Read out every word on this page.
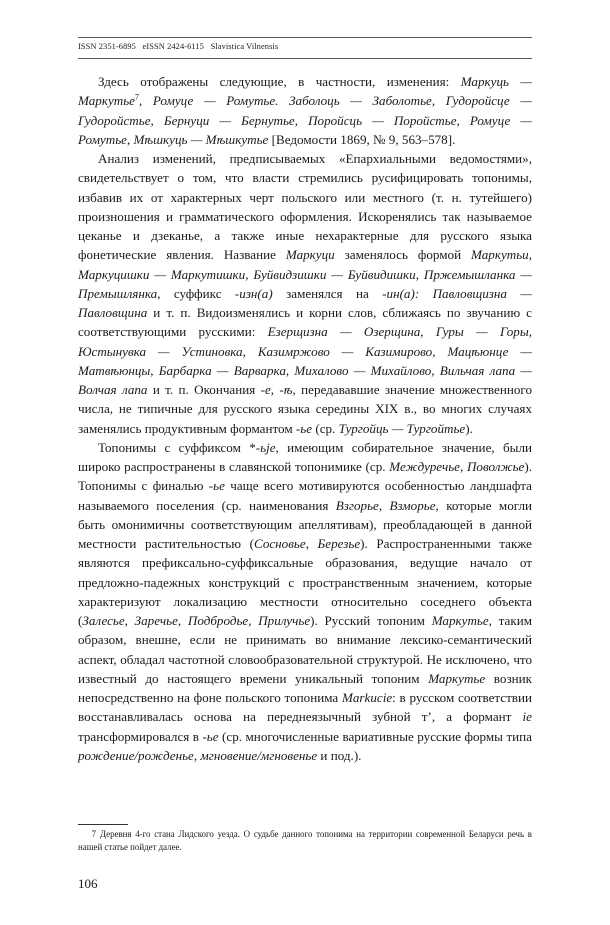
ISSN 2351-6895 eISSN 2424-6115 Slavistica Vilnensis

Здесь отображены следующие, в частности, изменения: Маркуць — Маркутье$^7$, Ромуце — Ромутье. Заболоць — Заболотье, Гудоройсце — Гудоройстье, Бернуци — Бернутье, Поройсць — Поройстье, Ромуце — Ромутье, Мѣшкуць — Мѣшкутье [Ведомости 1869, № 9, 563–578].

Анализ изменений, предписываемых «Епархиальными ведомостями», свидетельствует о том, что власти стремились русифицировать топонимы, избавив их от характерных черт польского или местного (т. н. тутейшего) произношения и грамматического оформления. Искоренялись так называемое цеканье и дзеканье, а также иные нехарактерные для русского языка фонетические явления. Название Маркуци заменялось формой Маркутьи, Маркуцишки — Маркутишки, Буйвидзишки — Буйвидишки, Пржемышланка — Премышлянка, суффикс -изн(а) заменялся на -ин(а): Павловщизна — Павловщина и т. п. Видоизменялись и корни слов, сближаясь по звучанию с соответствующими русскими: Езерщизна — Озерщина, Гуры — Горы, Юстынувка — Устиновка, Казимржово — Казимирово, Мацѣюнце — Матвѣюнцы, Барбарка — Варварка, Михалово — Михайлово, Вильчая лапа — Волчая лапа и т. п. Окончания -е, -ѣ, передававшие значение множественного числа, не типичные для русского языка середины XIX в., во многих случаях заменялись продуктивным формантом -ье (ср. Тургойць — Тургойтье).

Топонимы с суффиксом *-ьje, имеющим собирательное значение, были широко распространены в славянской топонимике (ср. Междуречье, Поволжье). Топонимы с финалью -ье чаще всего мотивируются особенностью ландшафта называемого поселения (ср. наименования Взгорье, Взморье, которые могли быть омонимичны соответствующим апеллятивам), преобладающей в данной местности растительностью (Сосновье, Березье). Распространенными также являются префиксально-суффиксальные образования, ведущие начало от предложно-падежных конструкций с пространственным значением, которые характеризуют локализацию местности относительно соседнего объекта (Залесье, Заречье, Подбродье, Прилучье). Русский топоним Маркутье, таким образом, внешне, если не принимать во внимание лексико-семантический аспект, обладал частотной словообразовательной структурой. Не исключено, что известный до настоящего времени уникальный топоним Маркутье возник непосредственно на фоне польского топонима Markucie: в русском соответствии восстанавливалась основа на переднеязычный зубной т’, а формант ie трансформировался в -ье (ср. многочисленные вариативные русские формы типа рождение/рожденье, мгновение/мгновенье и под.).

7 Деревня 4-го стана Лидского уезда. О судьбе данного топонима на территории современной Беларуси речь в нашей статье пойдет далее.
106
